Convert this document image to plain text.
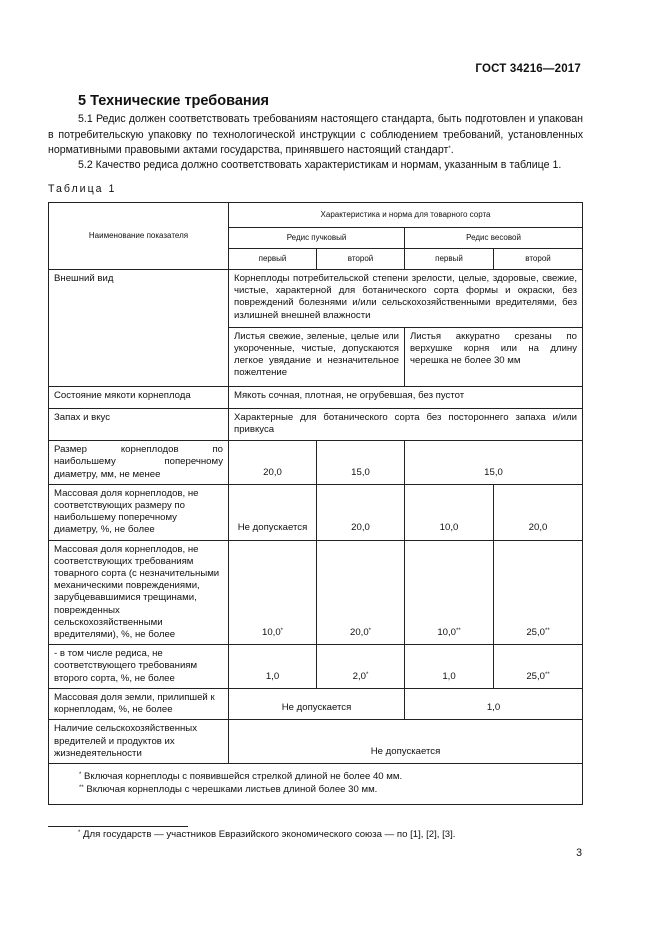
ГОСТ 34216—2017
5 Технические требования

5.1 Редис должен соответствовать требованиям настоящего стандарта, быть подготовлен и упакован в потребительскую упаковку по технологической инструкции с соблюдением требований, установленных нормативными правовыми актами государства, принявшего настоящий стандарт*.

5.2 Качество редиса должно соответствовать характеристикам и нормам, указанным в таблице 1.

Таблица 1
Наименование показателя	Характеристика и норма для товарного сорта			
	Редис пучковый		Редис весовой	
	первый	второй	первый	второй
Внешний вид	Корнеплоды потребительской степени зрелости, целые, здоровые, свежие, чистые, характерной для ботанического сорта формы и окраски, без повреждений болезнями и/или сельскохозяйственными вредителями, без излишней внешней влажности			
	Листья свежие, зеленые, целые или укороченные, чистые, допускаются легкое увядание и незначительное пожелтение		Листья аккуратно срезаны по верхушке корня или на длину черешка не более 30 мм	
Состояние мякоти корнеплода	Мякоть сочная, плотная, не огрубевшая, без пустот			
Запах и вкус	Характерные для ботанического сорта без постороннего запаха и/или привкуса			
Размер корнеплодов по наибольшему поперечному диаметру, мм, не менее	20,0	15,0	15,0	
Массовая доля корнеплодов, не соответствующих размеру по наибольшему поперечному диаметру, %, не более	Не допускается	20,0	10,0	20,0
Массовая доля корнеплодов, не соответствующих требованиям товарного сорта (с незначительными механическими повреждениями, зарубцевавшимися трещинами, поврежденных сельскохозяйственными вредителями), %, не более	10,0*	20,0*	10,0**	25,0**
- в том числе редиса, не соответствующего требованиям второго сорта, %, не более	1,0	2,0*	1,0	25,0**
Массовая доля земли, прилипшей к корнеплодам, %, не более	Не допускается		1,0	
Наличие сельскохозяйственных вредителей и продуктов их жизнедеятельности	Не допускается			

* Включая корнеплоды с появившейся стрелкой длиной не более 40 мм.
** Включая корнеплоды с черешками листьев длиной более 30 мм.				
* Для государств — участников Евразийского экономического союза — по [1], [2], [3].
3
